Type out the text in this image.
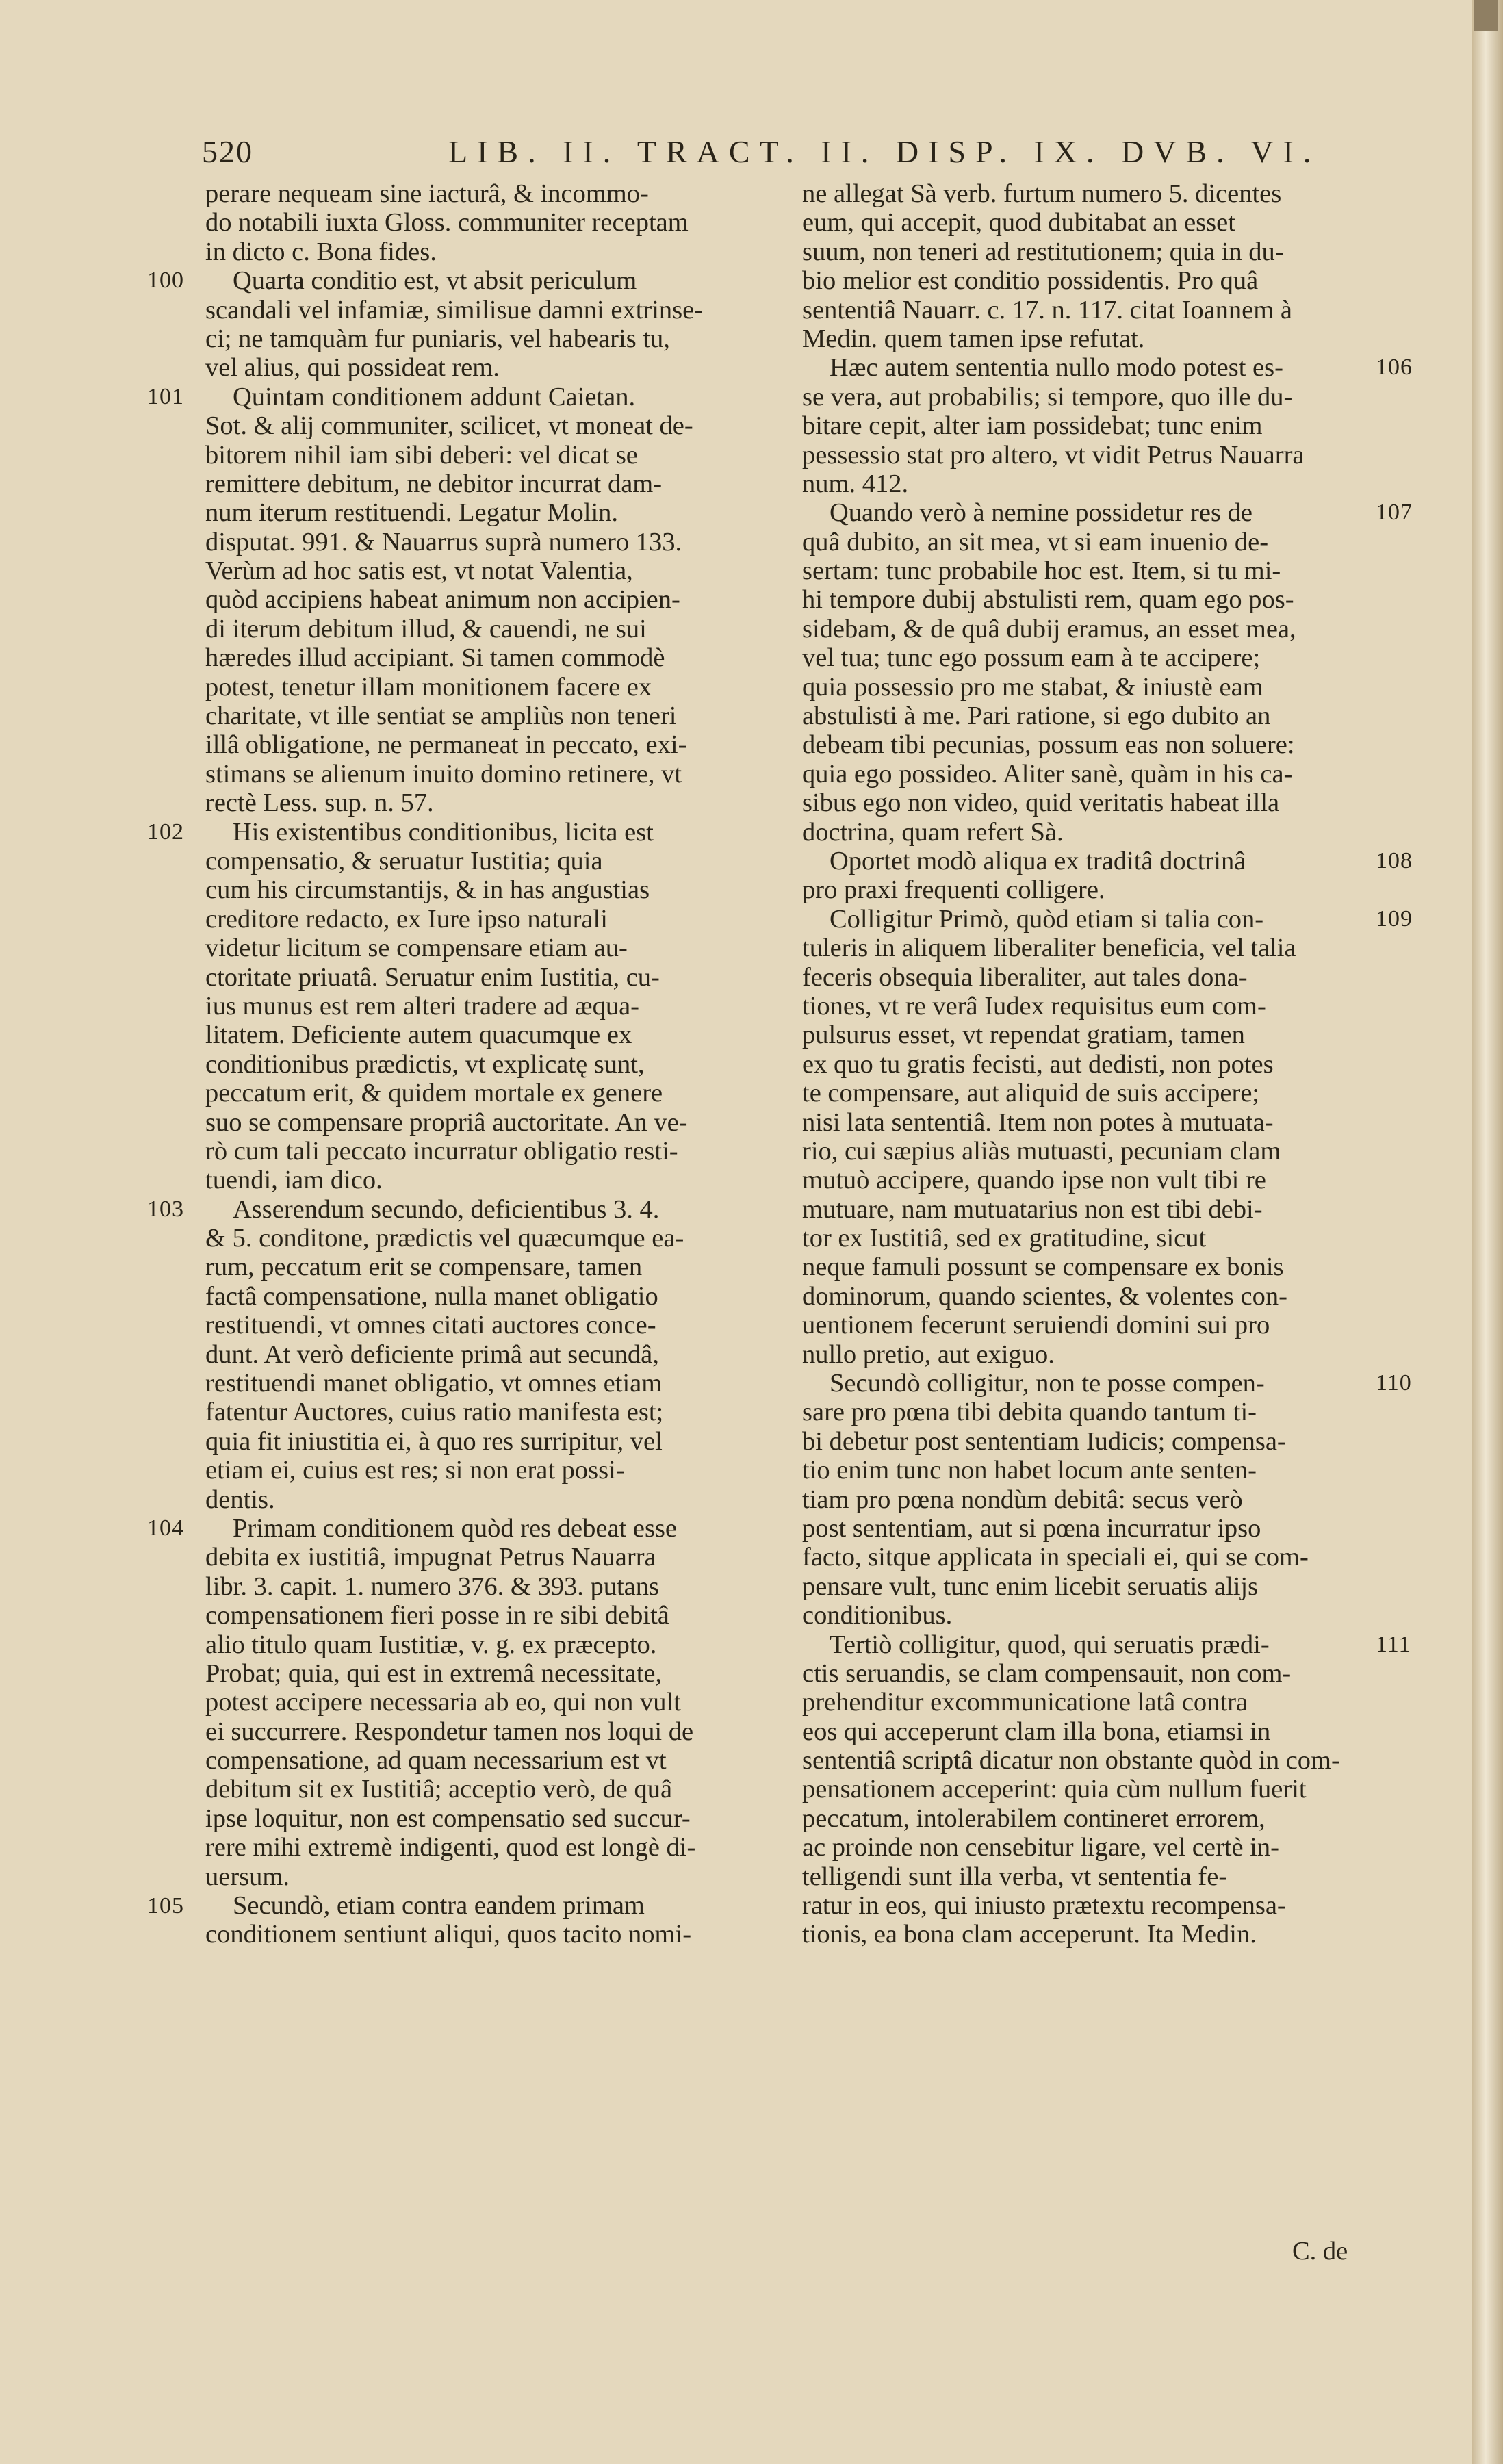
520	LIB. II. TRACT. II. DISP. IX. DVB. VI.
perare nequeam sine iacturâ, & incommo-
do notabili iuxta Gloss. communiter receptam
in dicto c. Bona fides.
Quarta conditio est, vt absit periculum
scandali vel infamiæ, similisue damni extrinse-
ci; ne tamquàm fur puniaris, vel habearis tu,
vel alius, qui possideat rem.
Quintam conditionem addunt Caietan.
Sot. & alij communiter, scilicet, vt moneat de-
bitorem nihil iam sibi deberi: vel dicat se
remittere debitum, ne debitor incurrat dam-
num iterum restituendi. Legatur Molin.
disputat. 991. & Nauarrus suprà numero 133.
Verùm ad hoc satis est, vt notat Valentia,
quòd accipiens habeat animum non accipien-
di iterum debitum illud, & cauendi, ne sui
hæredes illud accipiant. Si tamen commodè
potest, tenetur illam monitionem facere ex
charitate, vt ille sentiat se ampliùs non teneri
illâ obligatione, ne permaneat in peccato, exi-
stimans se alienum inuito domino retinere, vt
rectè Less. sup. n. 57.
His existentibus conditionibus, licita est
compensatio, & seruatur Iustitia; quia
cum his circumstantijs, & in has angustias
creditore redacto, ex Iure ipso naturali
videtur licitum se compensare etiam au-
ctoritate priuatâ. Seruatur enim Iustitia, cu-
ius munus est rem alteri tradere ad æqua-
litatem. Deficiente autem quacumque ex
conditionibus prædictis, vt explicatę sunt,
peccatum erit, & quidem mortale ex genere
suo se compensare propriâ auctoritate. An ve-
rò cum tali peccato incurratur obligatio resti-
tuendi, iam dico.
Asserendum secundo, deficientibus 3. 4.
& 5. conditone, prædictis vel quæcumque ea-
rum, peccatum erit se compensare, tamen
factâ compensatione, nulla manet obligatio
restituendi, vt omnes citati auctores conce-
dunt. At verò deficiente primâ aut secundâ,
restituendi manet obligatio, vt omnes etiam
fatentur Auctores, cuius ratio manifesta est;
quia fit iniustitia ei, à quo res surripitur, vel
etiam ei, cuius est res; si non erat possi-
dentis.
Primam conditionem quòd res debeat esse
debita ex iustitiâ, impugnat Petrus Nauarra
libr. 3. capit. 1. numero 376. & 393. putans
compensationem fieri posse in re sibi debitâ
alio titulo quam Iustitiæ, v. g. ex præcepto.
Probat; quia, qui est in extremâ necessitate,
potest accipere necessaria ab eo, qui non vult
ei succurrere. Respondetur tamen nos loqui de
compensatione, ad quam necessarium est vt
debitum sit ex Iustitiâ; acceptio verò, de quâ
ipse loquitur, non est compensatio sed succur-
rere mihi extremè indigenti, quod est longè di-
uersum.
Secundò, etiam contra eandem primam
conditionem sentiunt aliqui, quos tacito nomi-
ne allegat Sà verb. furtum numero 5. dicentes
eum, qui accepit, quod dubitabat an esset
suum, non teneri ad restitutionem; quia in du-
bio melior est conditio possidentis. Pro quâ
sententiâ Nauarr. c. 17. n. 117. citat Ioannem à
Medin. quem tamen ipse refutat.
Hæc autem sententia nullo modo potest es-
se vera, aut probabilis; si tempore, quo ille du-
bitare cepit, alter iam possidebat; tunc enim
pessessio stat pro altero, vt vidit Petrus Nauarra
num. 412.
Quando verò à nemine possidetur res de
quâ dubito, an sit mea, vt si eam inuenio de-
sertam: tunc probabile hoc est. Item, si tu mi-
hi tempore dubij abstulisti rem, quam ego pos-
sidebam, & de quâ dubij eramus, an esset mea,
vel tua; tunc ego possum eam à te accipere;
quia possessio pro me stabat, & iniustè eam
abstulisti à me. Pari ratione, si ego dubito an
debeam tibi pecunias, possum eas non soluere:
quia ego possideo. Aliter sanè, quàm in his ca-
sibus ego non video, quid veritatis habeat illa
doctrina, quam refert Sà.
Oportet modò aliqua ex traditâ doctrinâ
pro praxi frequenti colligere.
Colligitur Primò, quòd etiam si talia con-
tuleris in aliquem liberaliter beneficia, vel talia
feceris obsequia liberaliter, aut tales dona-
tiones, vt re verâ Iudex requisitus eum com-
pulsurus esset, vt rependat gratiam, tamen
ex quo tu gratis fecisti, aut dedisti, non potes
te compensare, aut aliquid de suis accipere;
nisi lata sententiâ. Item non potes à mutuata-
rio, cui sæpius aliàs mutuasti, pecuniam clam
mutuò accipere, quando ipse non vult tibi re
mutuare, nam mutuatarius non est tibi debi-
tor ex Iustitiâ, sed ex gratitudine, sicut
neque famuli possunt se compensare ex bonis
dominorum, quando scientes, & volentes con-
uentionem fecerunt seruiendi domini sui pro
nullo pretio, aut exiguo.
Secundò colligitur, non te posse compen-
sare pro pœna tibi debita quando tantum ti-
bi debetur post sententiam Iudicis; compensa-
tio enim tunc non habet locum ante senten-
tiam pro pœna nondùm debitâ: secus verò
post sententiam, aut si pœna incurratur ipso
facto, sitque applicata in speciali ei, qui se com-
pensare vult, tunc enim licebit seruatis alijs
conditionibus.
Tertiò colligitur, quod, qui seruatis prædi-
ctis seruandis, se clam compensauit, non com-
prehenditur excommunicatione latâ contra
eos qui acceperunt clam illa bona, etiamsi in
sententiâ scriptâ dicatur non obstante quòd in com-
pensationem acceperint: quia cùm nullum fuerit
peccatum, intolerabilem contineret errorem,
ac proinde non censebitur ligare, vel certè in-
telligendi sunt illa verba, vt sententia fe-
ratur in eos, qui iniusto prætextu recompensa-
tionis, ea bona clam acceperunt. Ita Medin.
100
101
102
103
104
105
106
107
108
109
110
111
C. de
